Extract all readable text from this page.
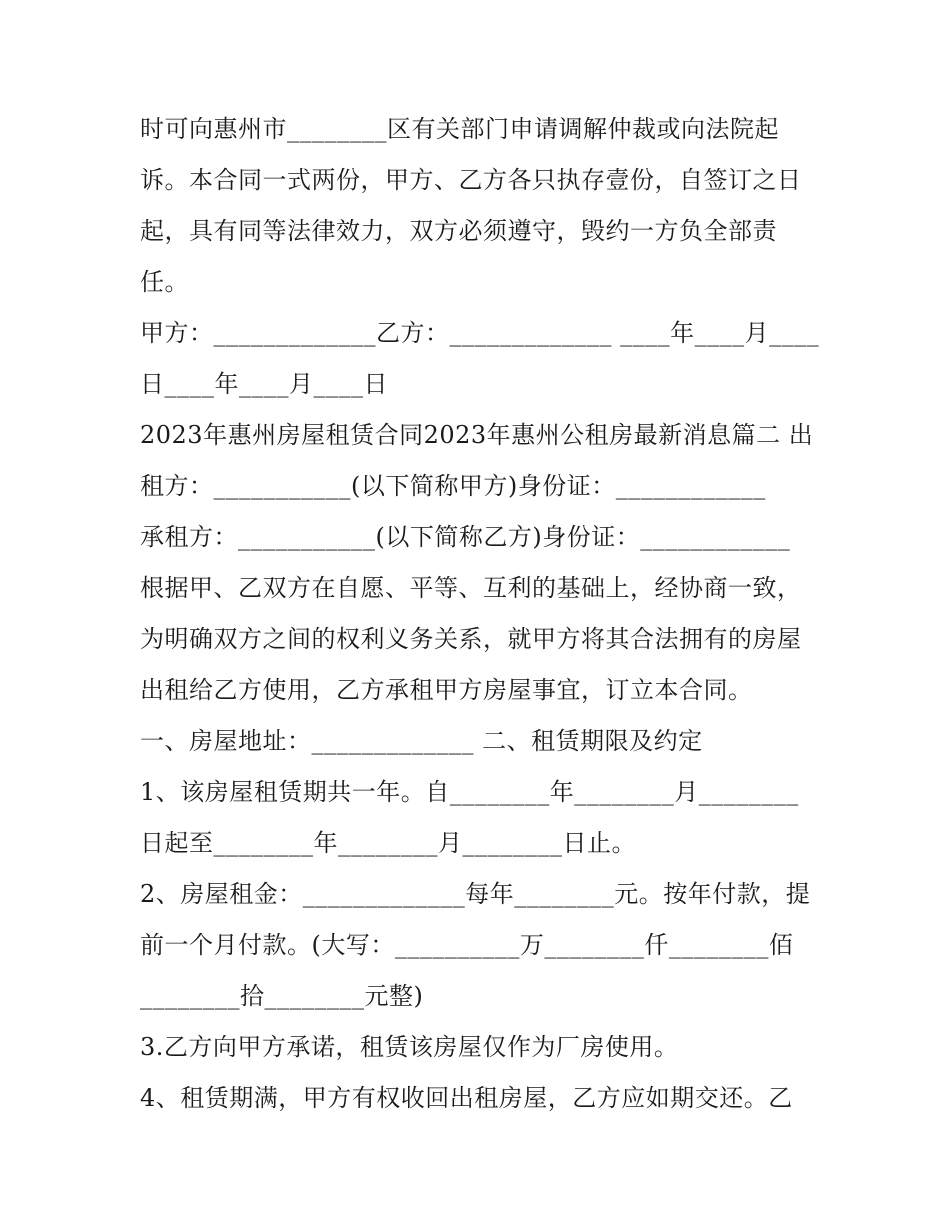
时可向惠州市________区有关部门申请调解仲裁或向法院起
诉。本合同一式两份，甲方、乙方各只执存壹份，自签订之日
起，具有同等法律效力，双方必须遵守，毁约一方负全部责
任。
甲方：_____________乙方：_____________ ____年____月____
日____年____月____日
2023年惠州房屋租赁合同2023年惠州公租房最新消息篇二 出
租方：___________(以下简称甲方)身份证：____________
承租方：___________(以下简称乙方)身份证：____________
根据甲、乙双方在自愿、平等、互利的基础上，经协商一致，
为明确双方之间的权利义务关系，就甲方将其合法拥有的房屋
出租给乙方使用，乙方承租甲方房屋事宜，订立本合同。
一、房屋地址：_____________ 二、租赁期限及约定
1、该房屋租赁期共一年。自________年________月________
日起至________年________月________日止。
2、房屋租金：_____________每年________元。按年付款，提
前一个月付款。(大写：__________万________仟________佰
________拾________元整)
3.乙方向甲方承诺，租赁该房屋仅作为厂房使用。
4、租赁期满，甲方有权收回出租房屋，乙方应如期交还。乙
